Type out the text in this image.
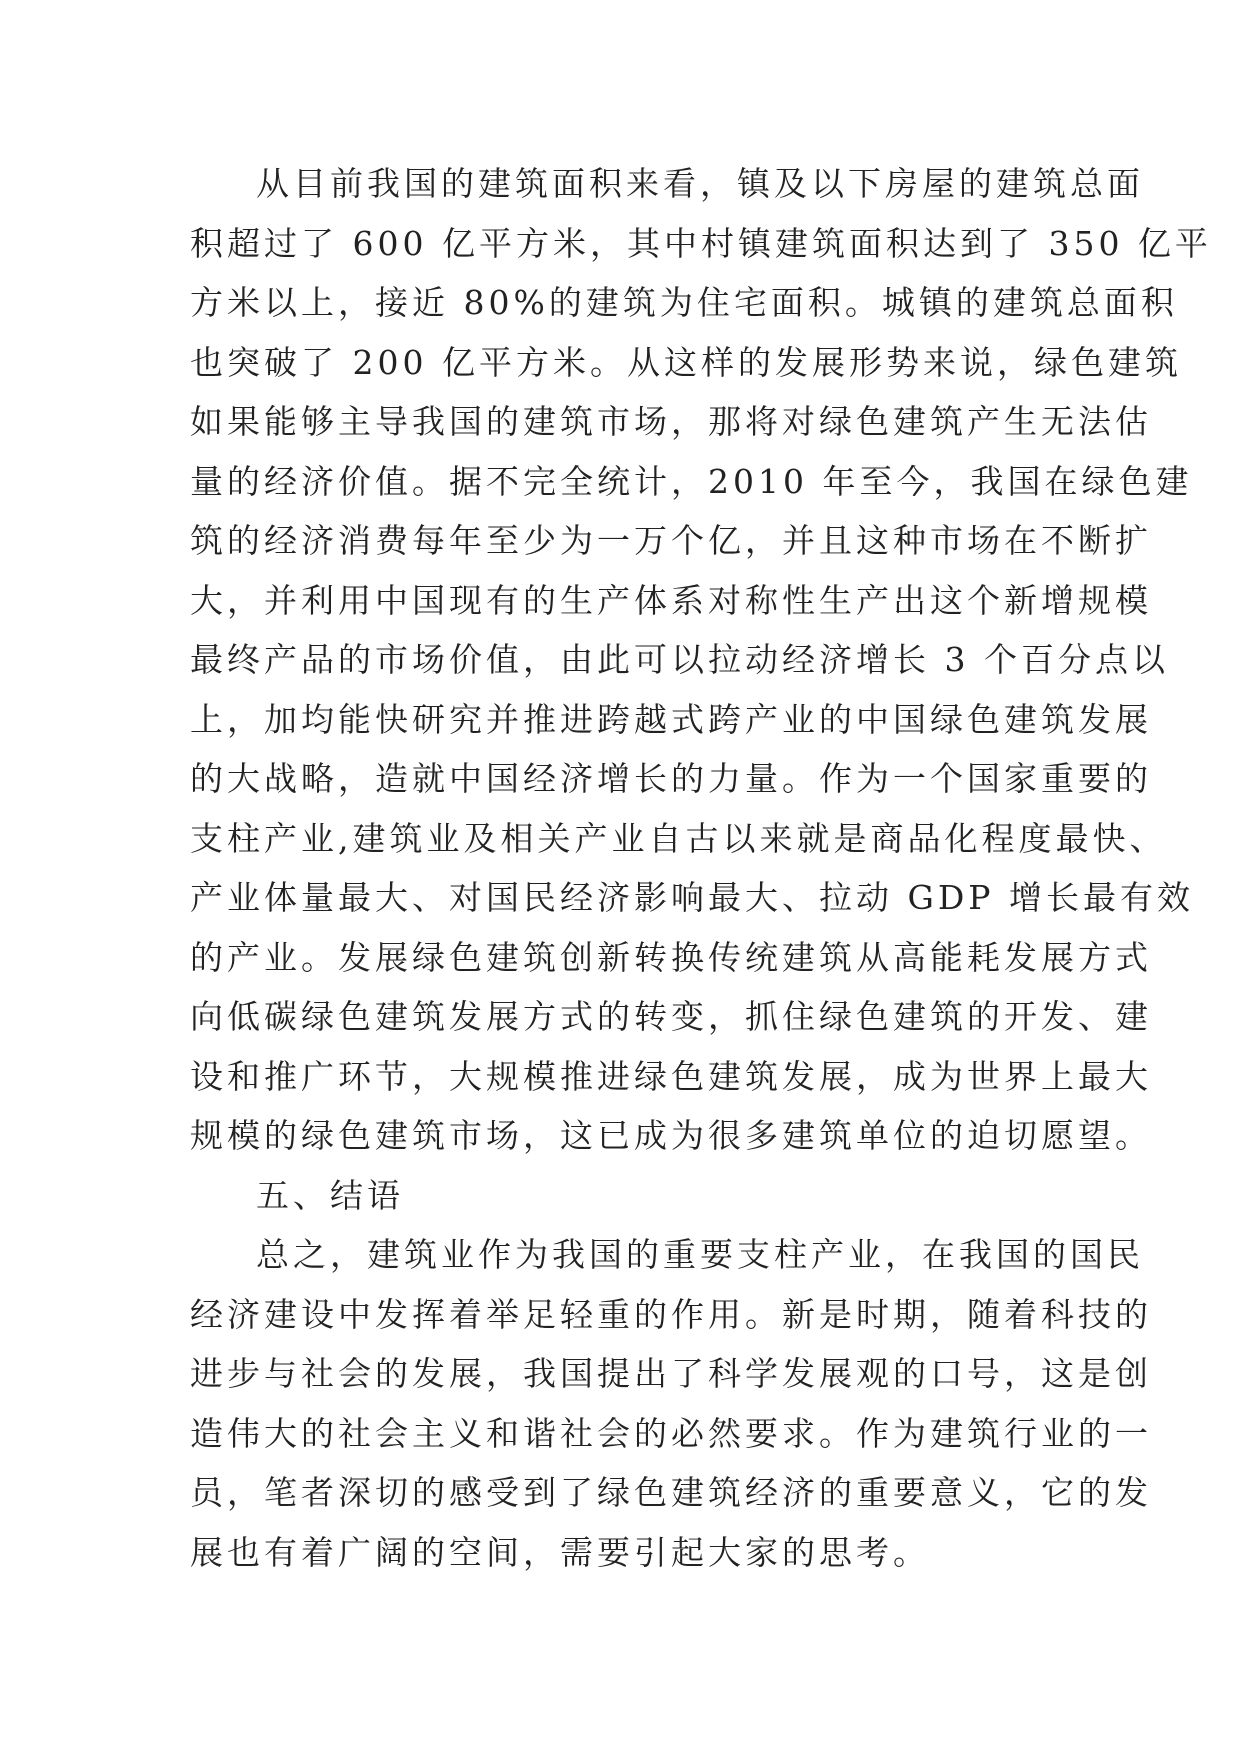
从目前我国的建筑面积来看，镇及以下房屋的建筑总面
积超过了 600 亿平方米，其中村镇建筑面积达到了 350 亿平
方米以上，接近 80%的建筑为住宅面积。城镇的建筑总面积
也突破了 200 亿平方米。从这样的发展形势来说，绿色建筑
如果能够主导我国的建筑市场，那将对绿色建筑产生无法估
量的经济价值。据不完全统计，2010 年至今，我国在绿色建
筑的经济消费每年至少为一万个亿，并且这种市场在不断扩
大，并利用中国现有的生产体系对称性生产出这个新增规模
最终产品的市场价值，由此可以拉动经济增长 3 个百分点以
上，加均能快研究并推进跨越式跨产业的中国绿色建筑发展
的大战略，造就中国经济增长的力量。作为一个国家重要的
支柱产业,建筑业及相关产业自古以来就是商品化程度最快、
产业体量最大、对国民经济影响最大、拉动 GDP 增长最有效
的产业。发展绿色建筑创新转换传统建筑从高能耗发展方式
向低碳绿色建筑发展方式的转变，抓住绿色建筑的开发、建
设和推广环节，大规模推进绿色建筑发展，成为世界上最大
规模的绿色建筑市场，这已成为很多建筑单位的迫切愿望。
五、结语
总之，建筑业作为我国的重要支柱产业，在我国的国民
经济建设中发挥着举足轻重的作用。新是时期，随着科技的
进步与社会的发展，我国提出了科学发展观的口号，这是创
造伟大的社会主义和谐社会的必然要求。作为建筑行业的一
员，笔者深切的感受到了绿色建筑经济的重要意义，它的发
展也有着广阔的空间，需要引起大家的思考。
